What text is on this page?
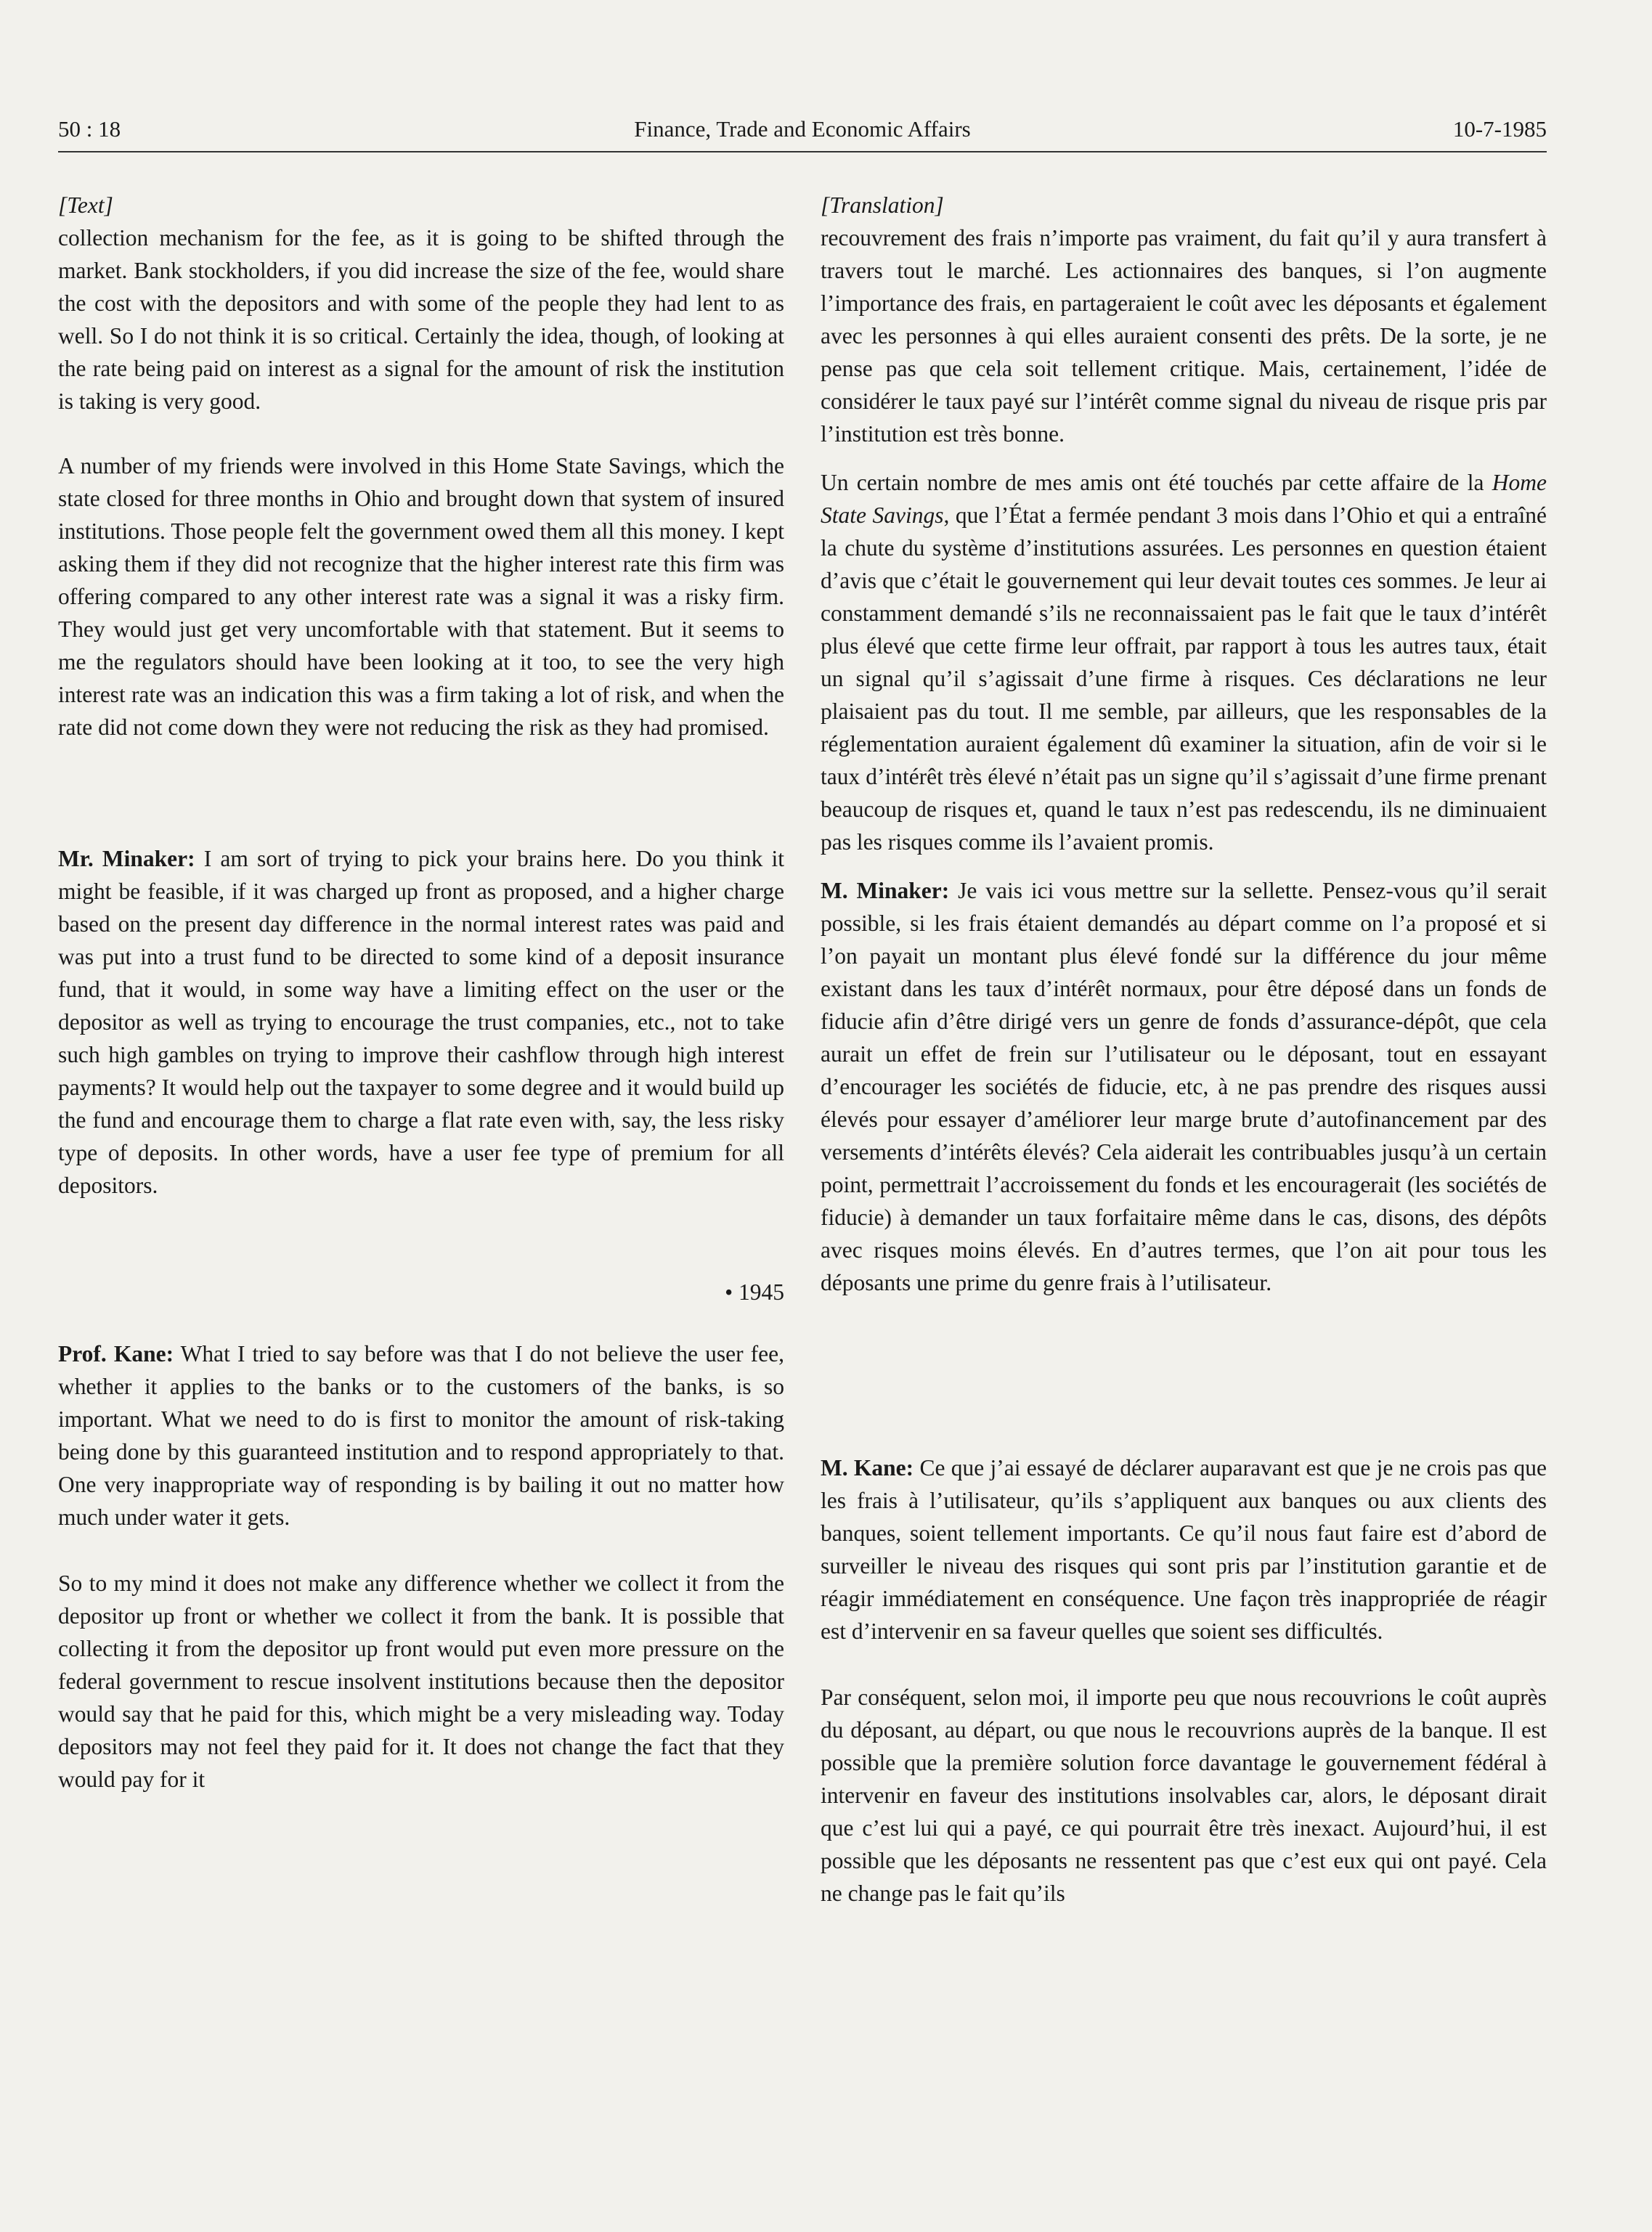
50 : 18	Finance, Trade and Economic Affairs	10-7-1985
[Text]

collection mechanism for the fee, as it is going to be shifted through the market. Bank stockholders, if you did increase the size of the fee, would share the cost with the depositors and with some of the people they had lent to as well. So I do not think it is so critical. Certainly the idea, though, of looking at the rate being paid on interest as a signal for the amount of risk the institution is taking is very good.

A number of my friends were involved in this Home State Savings, which the state closed for three months in Ohio and brought down that system of insured institutions. Those people felt the government owed them all this money. I kept asking them if they did not recognize that the higher interest rate this firm was offering compared to any other interest rate was a signal it was a risky firm. They would just get very uncomfortable with that statement. But it seems to me the regulators should have been looking at it too, to see the very high interest rate was an indication this was a firm taking a lot of risk, and when the rate did not come down they were not reducing the risk as they had promised.

Mr. Minaker: I am sort of trying to pick your brains here. Do you think it might be feasible, if it was charged up front as proposed, and a higher charge based on the present day difference in the normal interest rates was paid and was put into a trust fund to be directed to some kind of a deposit insurance fund, that it would, in some way have a limiting effect on the user or the depositor as well as trying to encourage the trust companies, etc., not to take such high gambles on trying to improve their cashflow through high interest payments? It would help out the taxpayer to some degree and it would build up the fund and encourage them to charge a flat rate even with, say, the less risky type of deposits. In other words, have a user fee type of premium for all depositors.

• 1945

Prof. Kane: What I tried to say before was that I do not believe the user fee, whether it applies to the banks or to the customers of the banks, is so important. What we need to do is first to monitor the amount of risk-taking being done by this guaranteed institution and to respond appropriately to that. One very inappropriate way of responding is by bailing it out no matter how much under water it gets.

So to my mind it does not make any difference whether we collect it from the depositor up front or whether we collect it from the bank. It is possible that collecting it from the depositor up front would put even more pressure on the federal government to rescue insolvent institutions because then the depositor would say that he paid for this, which might be a very misleading way. Today depositors may not feel they paid for it. It does not change the fact that they would pay for it

[Translation]

recouvrement des frais n’importe pas vraiment, du fait qu’il y aura transfert à travers tout le marché. Les actionnaires des banques, si l’on augmente l’importance des frais, en partageraient le coût avec les déposants et également avec les personnes à qui elles auraient consenti des prêts. De la sorte, je ne pense pas que cela soit tellement critique. Mais, certainement, l’idée de considérer le taux payé sur l’intérêt comme signal du niveau de risque pris par l’institution est très bonne.

Un certain nombre de mes amis ont été touchés par cette affaire de la Home State Savings, que l’État a fermée pendant 3 mois dans l’Ohio et qui a entraîné la chute du système d’institutions assurées. Les personnes en question étaient d’avis que c’était le gouvernement qui leur devait toutes ces sommes. Je leur ai constamment demandé s’ils ne reconnaissaient pas le fait que le taux d’intérêt plus élevé que cette firme leur offrait, par rapport à tous les autres taux, était un signal qu’il s’agissait d’une firme à risques. Ces déclarations ne leur plaisaient pas du tout. Il me semble, par ailleurs, que les responsables de la réglementation auraient également dû examiner la situation, afin de voir si le taux d’intérêt très élevé n’était pas un signe qu’il s’agissait d’une firme prenant beaucoup de risques et, quand le taux n’est pas redescendu, ils ne diminuaient pas les risques comme ils l’avaient promis.

M. Minaker: Je vais ici vous mettre sur la sellette. Pensez-vous qu’il serait possible, si les frais étaient demandés au départ comme on l’a proposé et si l’on payait un montant plus élevé fondé sur la différence du jour même existant dans les taux d’intérêt normaux, pour être déposé dans un fonds de fiducie afin d’être dirigé vers un genre de fonds d’assurance-dépôt, que cela aurait un effet de frein sur l’utilisateur ou le déposant, tout en essayant d’encourager les sociétés de fiducie, etc, à ne pas prendre des risques aussi élevés pour essayer d’améliorer leur marge brute d’autofinancement par des versements d’intérêts élevés? Cela aiderait les contribuables jusqu’à un certain point, permettrait l’accroissement du fonds et les encouragerait (les sociétés de fiducie) à demander un taux forfaitaire même dans le cas, disons, des dépôts avec risques moins élevés. En d’autres termes, que l’on ait pour tous les déposants une prime du genre frais à l’utilisateur.

M. Kane: Ce que j’ai essayé de déclarer auparavant est que je ne crois pas que les frais à l’utilisateur, qu’ils s’appliquent aux banques ou aux clients des banques, soient tellement importants. Ce qu’il nous faut faire est d’abord de surveiller le niveau des risques qui sont pris par l’institution garantie et de réagir immédiatement en conséquence. Une façon très inappropriée de réagir est d’intervenir en sa faveur quelles que soient ses difficultés.

Par conséquent, selon moi, il importe peu que nous recouvrions le coût auprès du déposant, au départ, ou que nous le recouvrions auprès de la banque. Il est possible que la première solution force davantage le gouvernement fédéral à intervenir en faveur des institutions insolvables car, alors, le déposant dirait que c’est lui qui a payé, ce qui pourrait être très inexact. Aujourd’hui, il est possible que les déposants ne ressentent pas que c’est eux qui ont payé. Cela ne change pas le fait qu’ils
